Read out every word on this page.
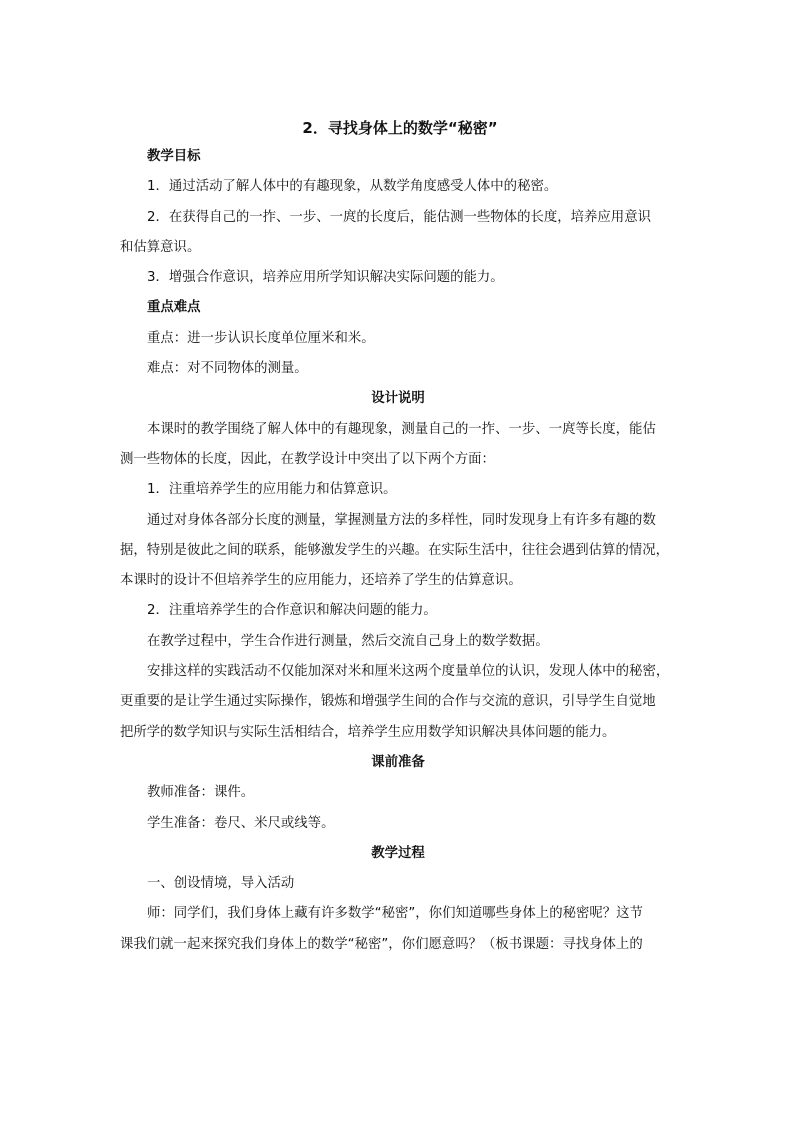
2．寻找身体上的数学“秘密”

教学目标

1．通过活动了解人体中的有趣现象，从数学角度感受人体中的秘密。

2．在获得自己的一拃、一步、一庹的长度后，能估测一些物体的长度，培养应用意识

和估算意识。

3．增强合作意识，培养应用所学知识解决实际问题的能力。

重点难点

重点：进一步认识长度单位厘米和米。

难点：对不同物体的测量。

设计说明

本课时的教学围绕了解人体中的有趣现象，测量自己的一拃、一步、一庹等长度，能估

测一些物体的长度，因此，在教学设计中突出了以下两个方面：

1．注重培养学生的应用能力和估算意识。

通过对身体各部分长度的测量，掌握测量方法的多样性，同时发现身上有许多有趣的数

据，特别是彼此之间的联系，能够激发学生的兴趣。在实际生活中，往往会遇到估算的情况，

本课时的设计不但培养学生的应用能力，还培养了学生的估算意识。

2．注重培养学生的合作意识和解决问题的能力。

在教学过程中，学生合作进行测量，然后交流自己身上的数学数据。

安排这样的实践活动不仅能加深对米和厘米这两个度量单位的认识，发现人体中的秘密，

更重要的是让学生通过实际操作，锻炼和增强学生间的合作与交流的意识，引导学生自觉地

把所学的数学知识与实际生活相结合，培养学生应用数学知识解决具体问题的能力。

课前准备

教师准备：课件。

学生准备：卷尺、米尺或线等。

教学过程

一、创设情境，导入活动

师：同学们，我们身体上藏有许多数学“秘密”，你们知道哪些身体上的秘密呢？这节

课我们就一起来探究我们身体上的数学“秘密”，你们愿意吗？（板书课题：寻找身体上的
